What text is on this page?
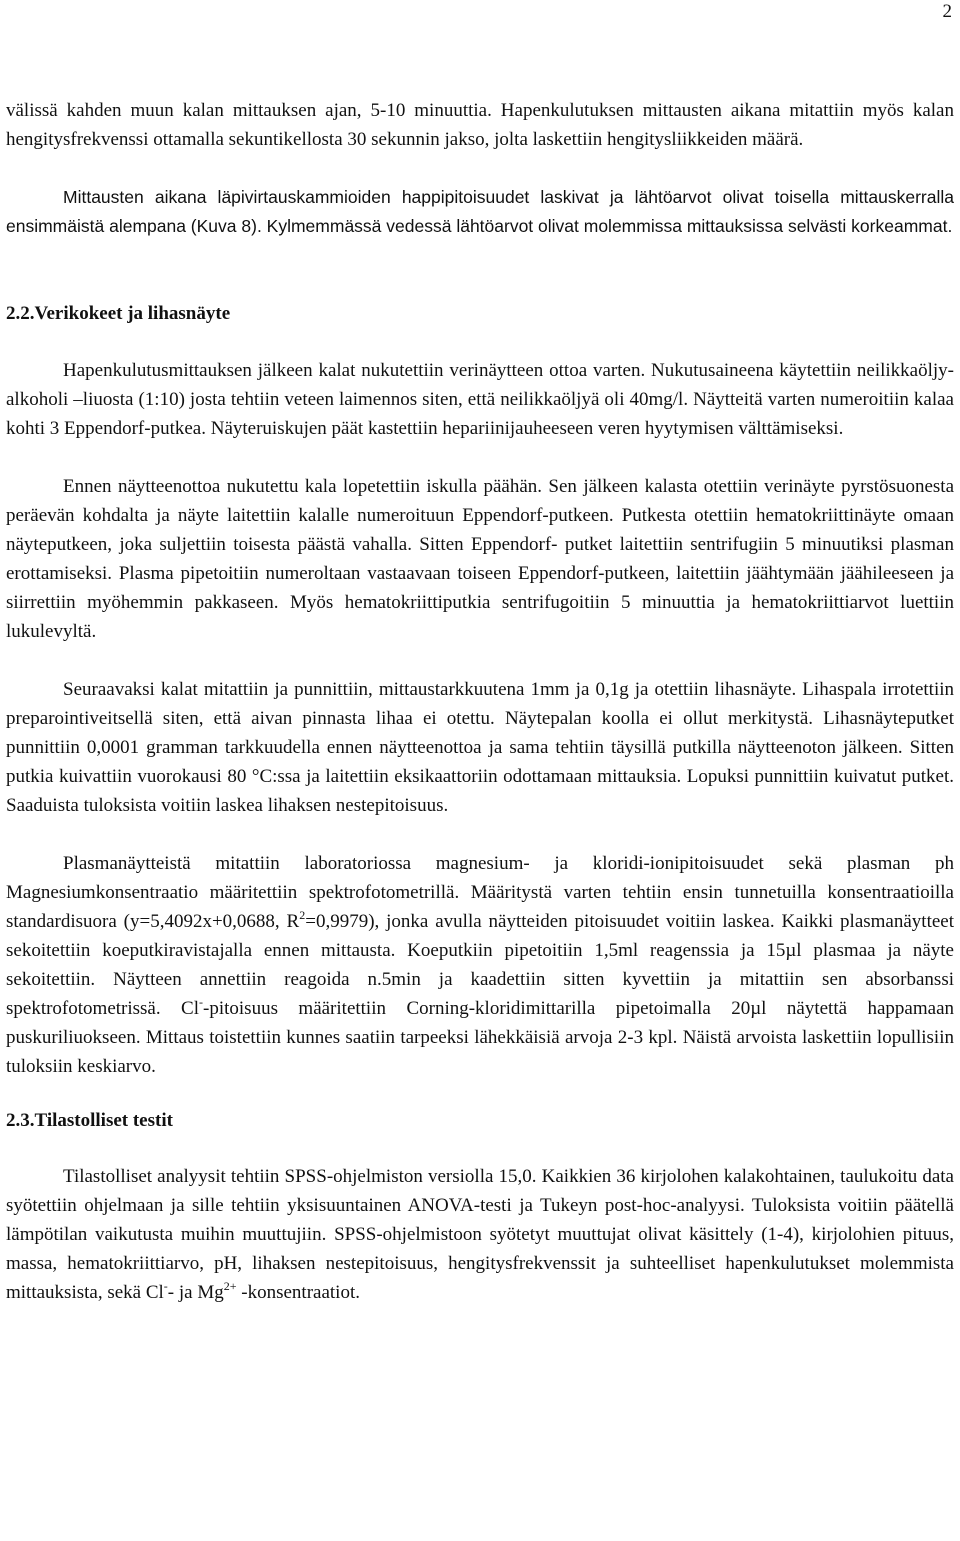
2

välissä kahden muun kalan mittauksen ajan, 5-10 minuuttia. Hapenkulutuksen mittausten aikana mitattiin myös kalan hengitysfrekvenssi ottamalla sekuntikellosta 30 sekunnin jakso, jolta laskettiin hengitysliikkeiden määrä.

Mittausten aikana läpivirtauskammioiden happipitoisuudet laskivat ja lähtöarvot olivat toisella mittauskerralla ensimmäistä alempana (Kuva 8). Kylmemmässä vedessä lähtöarvot olivat molemmissa mittauksissa selvästi korkeammat.

2.2.Verikokeet ja lihasnäyte

Hapenkulutusmittauksen jälkeen kalat nukutettiin verinäytteen ottoa varten. Nukutusaineena käytettiin neilikkaöljy-alkoholi –liuosta (1:10) josta tehtiin veteen laimennos siten, että neilikkaöljyä oli 40mg/l. Näytteitä varten numeroitiin kalaa kohti 3 Eppendorf-putkea. Näyteruiskujen päät kastettiin hepariinijauheeseen veren hyytymisen välttämiseksi.

Ennen näytteenottoa nukutettu kala lopetettiin iskulla päähän. Sen jälkeen kalasta otettiin verinäyte pyrstösuonesta peräevän kohdalta ja näyte laitettiin kalalle numeroituun Eppendorf-putkeen. Putkesta otettiin hematokriittinäyte omaan näyteputkeen, joka suljettiin toisesta päästä vahalla. Sitten Eppendorf- putket laitettiin sentrifugiin 5 minuutiksi plasman erottamiseksi. Plasma pipetoitiin numeroltaan vastaavaan toiseen Eppendorf-putkeen, laitettiin jäähtymään jäähileeseen ja siirrettiin myöhemmin pakkaseen. Myös hematokriittiputkia sentrifugoitiin 5 minuuttia ja hematokriittiarvot luettiin lukulevyltä.

Seuraavaksi kalat mitattiin ja punnittiin, mittaustarkkuutena 1mm ja 0,1g ja otettiin lihasnäyte. Lihaspala irrotettiin preparointiveitsellä siten, että aivan pinnasta lihaa ei otettu. Näytepalan koolla ei ollut merkitystä. Lihasnäyteputket punnittiin 0,0001 gramman tarkkuudella ennen näytteenottoa ja sama tehtiin täysillä putkilla näytteenoton jälkeen. Sitten putkia kuivattiin vuorokausi 80 °C:ssa ja laitettiin eksikaattoriin odottamaan mittauksia. Lopuksi punnittiin kuivatut putket. Saaduista tuloksista voitiin laskea lihaksen nestepitoisuus.

Plasmanäytteistä mitattiin laboratoriossa magnesium- ja kloridi-ionipitoisuudet sekä plasman ph Magnesiumkonsentraatio määritettiin spektrofotometrillä. Määritystä varten tehtiin ensin tunnetuilla konsentraatioilla standardisuora (y=5,4092x+0,0688, $R^2=0,9979$), jonka avulla näytteiden pitoisuudet voitiin laskea. Kaikki plasmanäytteet sekoitettiin koeputkiravistajalla ennen mittausta. Koeputkiin pipetoitiin 1,5ml reagenssia ja 15µl plasmaa ja näyte sekoitettiin. Näytteen annettiin reagoida n.5min ja kaadettiin sitten kyvettiin ja mitattiin sen absorbanssi spektrofotometrissä. Cl--pitoisuus määritettiin Corning-kloridimittarilla pipetoimalla 20µl näytettä happamaan puskuriliuokseen. Mittaus toistettiin kunnes saatiin tarpeeksi lähekkäisiä arvoja 2-3 kpl. Näistä arvoista laskettiin lopullisiin tuloksiin keskiarvo.

2.3.Tilastolliset testit

Tilastolliset analyysit tehtiin SPSS-ohjelmiston versiolla 15,0. Kaikkien 36 kirjolohen kalakohtainen, taulukoitu data syötettiin ohjelmaan ja sille tehtiin yksisuuntainen ANOVA-testi ja Tukeyn post-hoc-analyysi. Tuloksista voitiin päätellä lämpötilan vaikutusta muihin muuttujiin. SPSS-ohjelmistoon syötetyt muuttujat olivat käsittely (1-4), kirjolohien pituus, massa, hematokriittiarvo, pH, lihaksen nestepitoisuus, hengitysfrekvenssit ja suhteelliset hapenkulutukset molemmista mittauksista, sekä Cl-- ja $Mg^{2+}$ -konsentraatiot.
